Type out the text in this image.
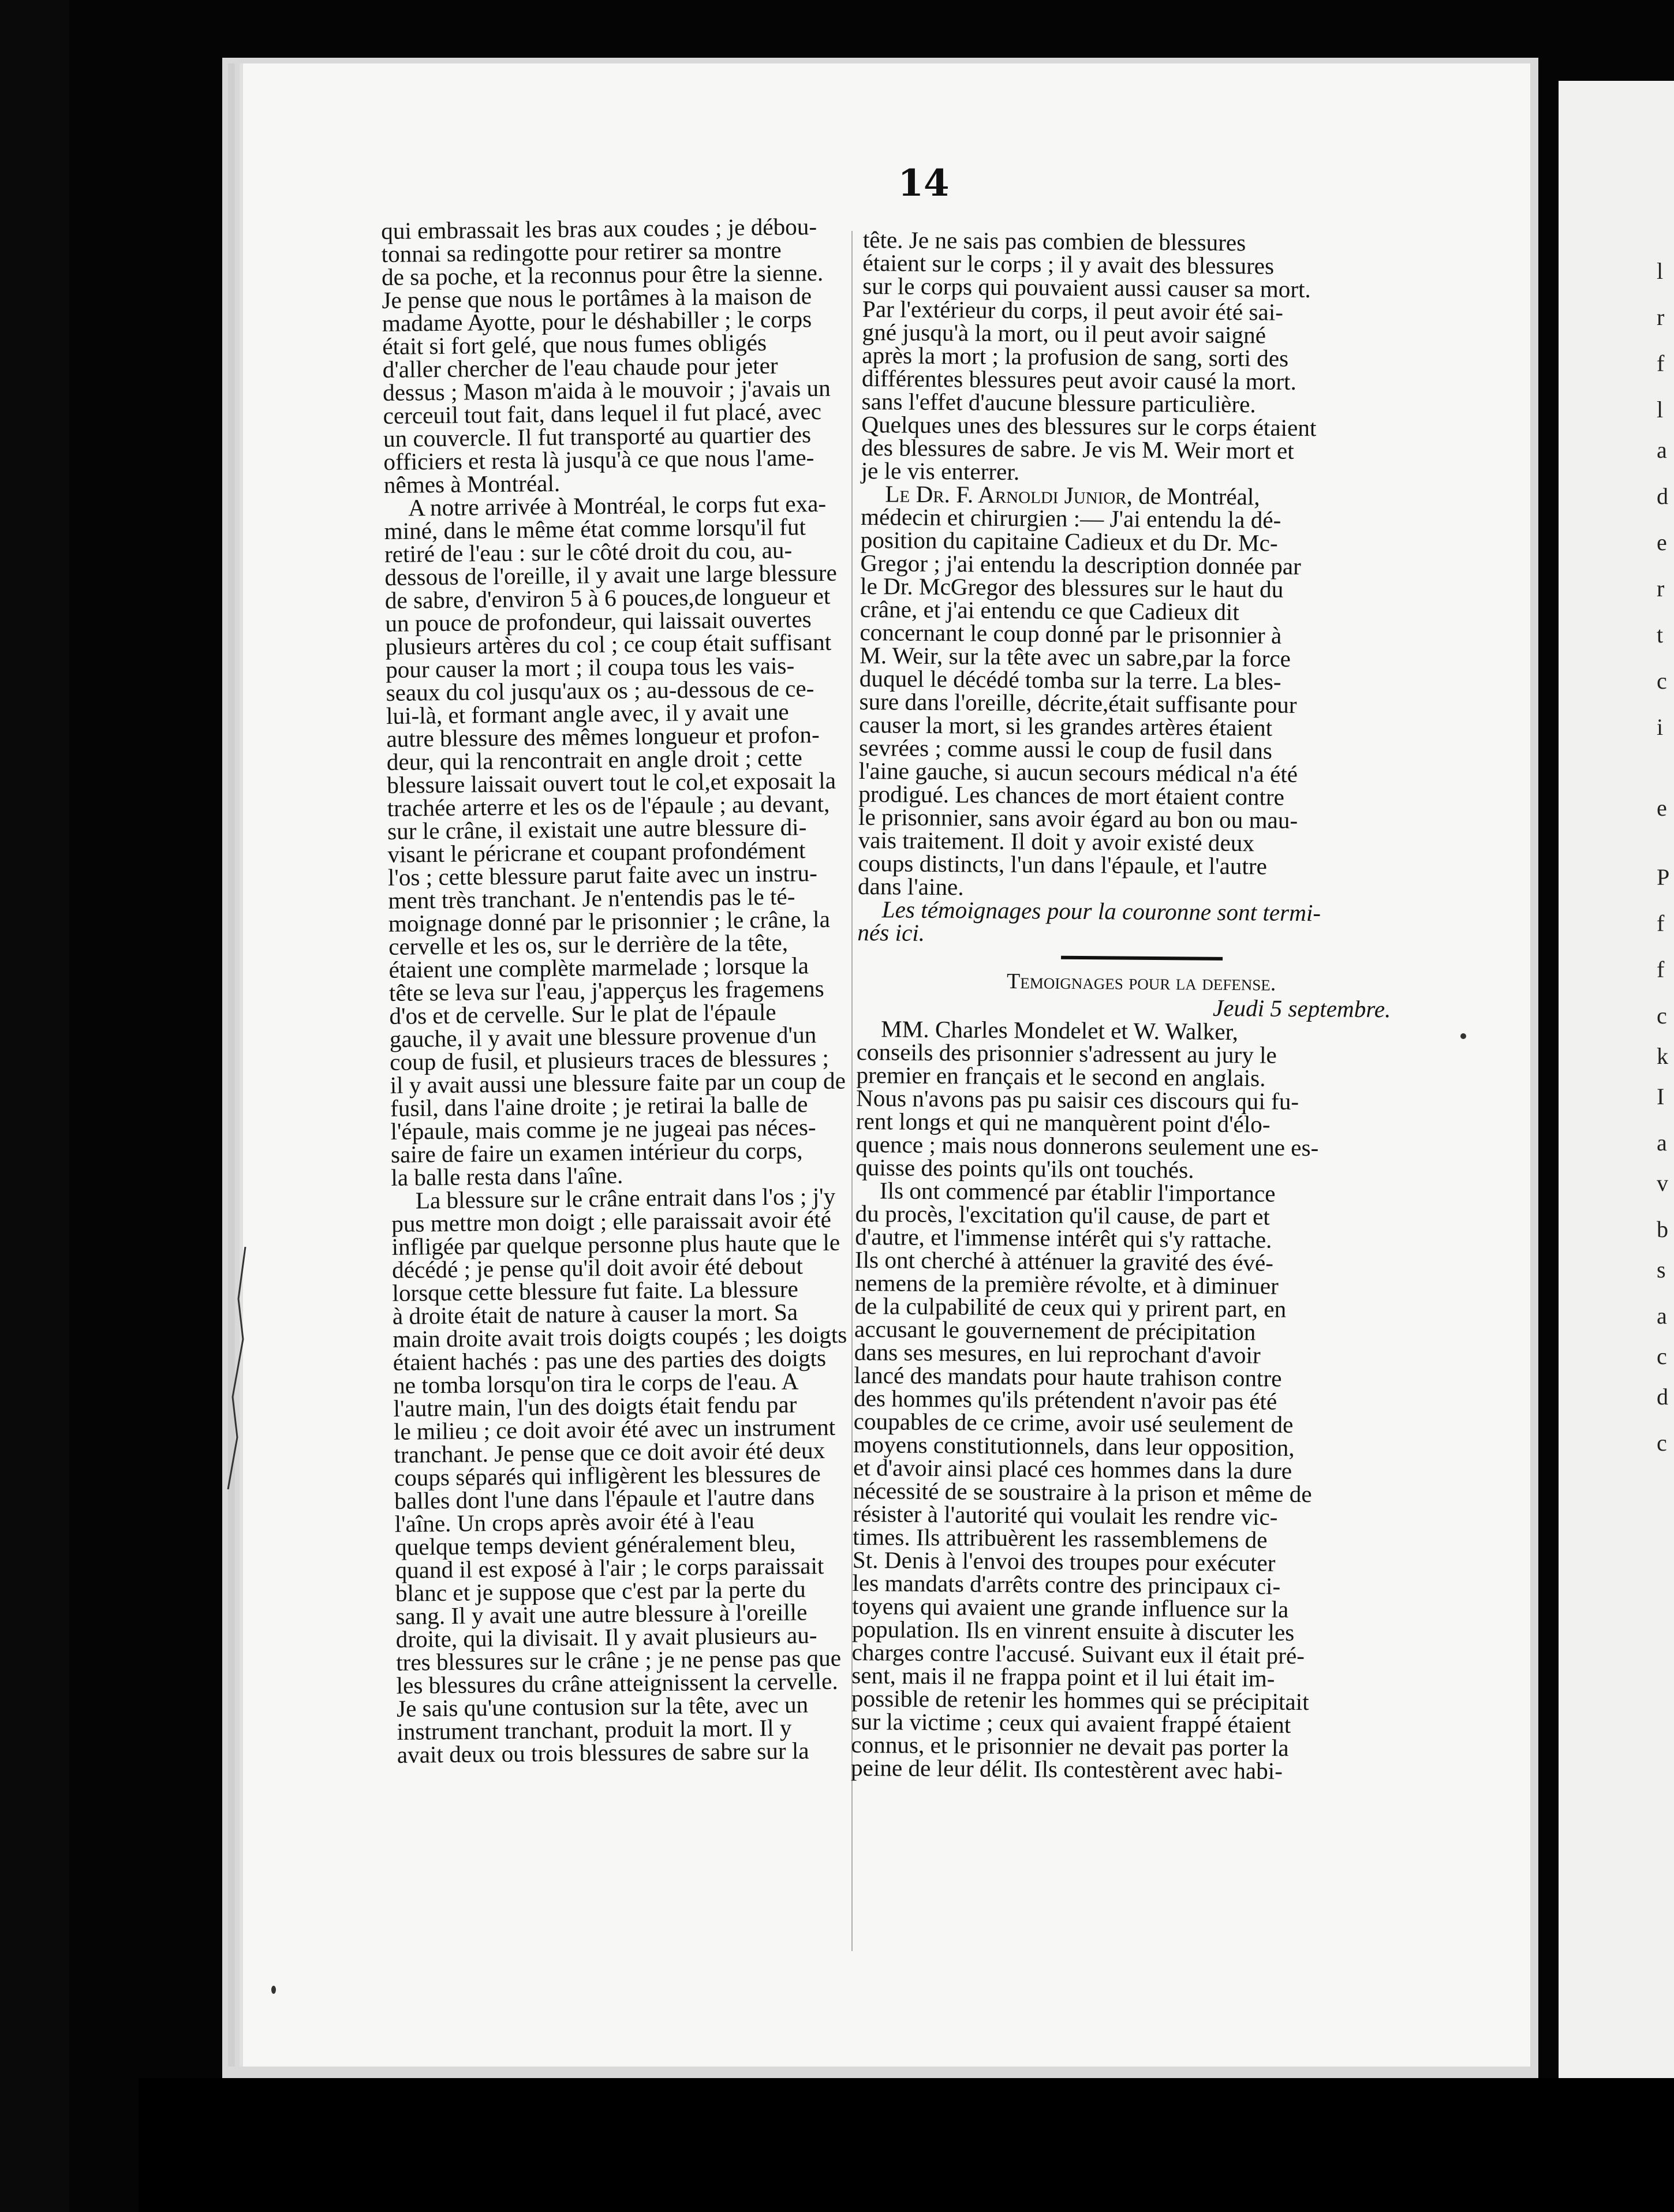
l
r
f
l
a
d
e
r
t
c
i
e
P
f
f
c
k
I
a
v
b
s
a
c
d
c
14

qui embrassait les bras aux coudes ; je débou-
tonnai sa redingotte pour retirer sa montre
de sa poche, et la reconnus pour être la sienne.
Je pense que nous le portâmes à la maison de
madame Ayotte, pour le déshabiller ; le corps
était si fort gelé, que nous fumes obligés
d'aller chercher de l'eau chaude pour jeter
dessus ; Mason m'aida à le mouvoir ; j'avais un
cerceuil tout fait, dans lequel il fut placé, avec
un couvercle. Il fut transporté au quartier des
officiers et resta là jusqu'à ce que nous l'ame-
nêmes à Montréal.

A notre arrivée à Montréal, le corps fut exa-
miné, dans le même état comme lorsqu'il fut
retiré de l'eau : sur le côté droit du cou, au-
dessous de l'oreille, il y avait une large blessure
de sabre, d'environ 5 à 6 pouces,de longueur et
un pouce de profondeur, qui laissait ouvertes
plusieurs artères du col ; ce coup était suffisant
pour causer la mort ; il coupa tous les vais-
seaux du col jusqu'aux os ; au-dessous de ce-
lui-là, et formant angle avec, il y avait une
autre blessure des mêmes longueur et profon-
deur, qui la rencontrait en angle droit ; cette
blessure laissait ouvert tout le col,et exposait la
trachée arterre et les os de l'épaule ; au devant,
sur le crâne, il existait une autre blessure di-
visant le péricrane et coupant profondément
l'os ; cette blessure parut faite avec un instru-
ment très tranchant. Je n'entendis pas le té-
moignage donné par le prisonnier ; le crâne, la
cervelle et les os, sur le derrière de la tête,
étaient une complète marmelade ; lorsque la
tête se leva sur l'eau, j'apperçus les fragemens
d'os et de cervelle. Sur le plat de l'épaule
gauche, il y avait une blessure provenue d'un
coup de fusil, et plusieurs traces de blessures ;
il y avait aussi une blessure faite par un coup de
fusil, dans l'aine droite ; je retirai la balle de
l'épaule, mais comme je ne jugeai pas néces-
saire de faire un examen intérieur du corps,
la balle resta dans l'aîne.

La blessure sur le crâne entrait dans l'os ; j'y
pus mettre mon doigt ; elle paraissait avoir été
infligée par quelque personne plus haute que le
décédé ; je pense qu'il doit avoir été debout
lorsque cette blessure fut faite. La blessure
à droite était de nature à causer la mort. Sa
main droite avait trois doigts coupés ; les doigts
étaient hachés : pas une des parties des doigts
ne tomba lorsqu'on tira le corps de l'eau. A
l'autre main, l'un des doigts était fendu par
le milieu ; ce doit avoir été avec un instrument
tranchant. Je pense que ce doit avoir été deux
coups séparés qui infligèrent les blessures de
balles dont l'une dans l'épaule et l'autre dans
l'aîne. Un crops après avoir été à l'eau
quelque temps devient généralement bleu,
quand il est exposé à l'air ; le corps paraissait
blanc et je suppose que c'est par la perte du
sang. Il y avait une autre blessure à l'oreille
droite, qui la divisait. Il y avait plusieurs au-
tres blessures sur le crâne ; je ne pense pas que
les blessures du crâne atteignissent la cervelle.
Je sais qu'une contusion sur la tête, avec un
instrument tranchant, produit la mort. Il y
avait deux ou trois blessures de sabre sur la

tête. Je ne sais pas combien de blessures
étaient sur le corps ; il y avait des blessures
sur le corps qui pouvaient aussi causer sa mort.
Par l'extérieur du corps, il peut avoir été sai-
gné jusqu'à la mort, ou il peut avoir saigné
après la mort ; la profusion de sang, sorti des
différentes blessures peut avoir causé la mort.
sans l'effet d'aucune blessure particulière.
Quelques unes des blessures sur le corps étaient
des blessures de sabre. Je vis M. Weir mort et
je le vis enterrer.

Le Dr. F. Arnoldi Junior, de Montréal,
médecin et chirurgien :— J'ai entendu la dé-
position du capitaine Cadieux et du Dr. Mc-
Gregor ; j'ai entendu la description donnée par
le Dr. McGregor des blessures sur le haut du
crâne, et j'ai entendu ce que Cadieux dit
concernant le coup donné par le prisonnier à
M. Weir, sur la tête avec un sabre,par la force
duquel le décédé tomba sur la terre. La bles-
sure dans l'oreille, décrite,était suffisante pour
causer la mort, si les grandes artères étaient
sevrées ; comme aussi le coup de fusil dans
l'aine gauche, si aucun secours médical n'a été
prodigué. Les chances de mort étaient contre
le prisonnier, sans avoir égard au bon ou mau-
vais traitement. Il doit y avoir existé deux
coups distincts, l'un dans l'épaule, et l'autre
dans l'aine.

Les témoignages pour la couronne sont termi-
nés ici.

Temoignages pour la defense.

Jeudi 5 septembre.

MM. Charles Mondelet et W. Walker,
conseils des prisonnier s'adressent au jury le
premier en français et le second en anglais.
Nous n'avons pas pu saisir ces discours qui fu-
rent longs et qui ne manquèrent point d'élo-
quence ; mais nous donnerons seulement une es-
quisse des points qu'ils ont touchés.

Ils ont commencé par établir l'importance
du procès, l'excitation qu'il cause, de part et
d'autre, et l'immense intérêt qui s'y rattache.
Ils ont cherché à atténuer la gravité des évé-
nemens de la première révolte, et à diminuer
de la culpabilité de ceux qui y prirent part, en
accusant le gouvernement de précipitation
dans ses mesures, en lui reprochant d'avoir
lancé des mandats pour haute trahison contre
des hommes qu'ils prétendent n'avoir pas été
coupables de ce crime, avoir usé seulement de
moyens constitutionnels, dans leur opposition,
et d'avoir ainsi placé ces hommes dans la dure
nécessité de se soustraire à la prison et même de
résister à l'autorité qui voulait les rendre vic-
times. Ils attribuèrent les rassemblemens de
St. Denis à l'envoi des troupes pour exécuter
les mandats d'arrêts contre des principaux ci-
toyens qui avaient une grande influence sur la
population. Ils en vinrent ensuite à discuter les
charges contre l'accusé. Suivant eux il était pré-
sent, mais il ne frappa point et il lui était im-
possible de retenir les hommes qui se précipitait
sur la victime ; ceux qui avaient frappé étaient
connus, et le prisonnier ne devait pas porter la
peine de leur délit. Ils contestèrent avec habi-
